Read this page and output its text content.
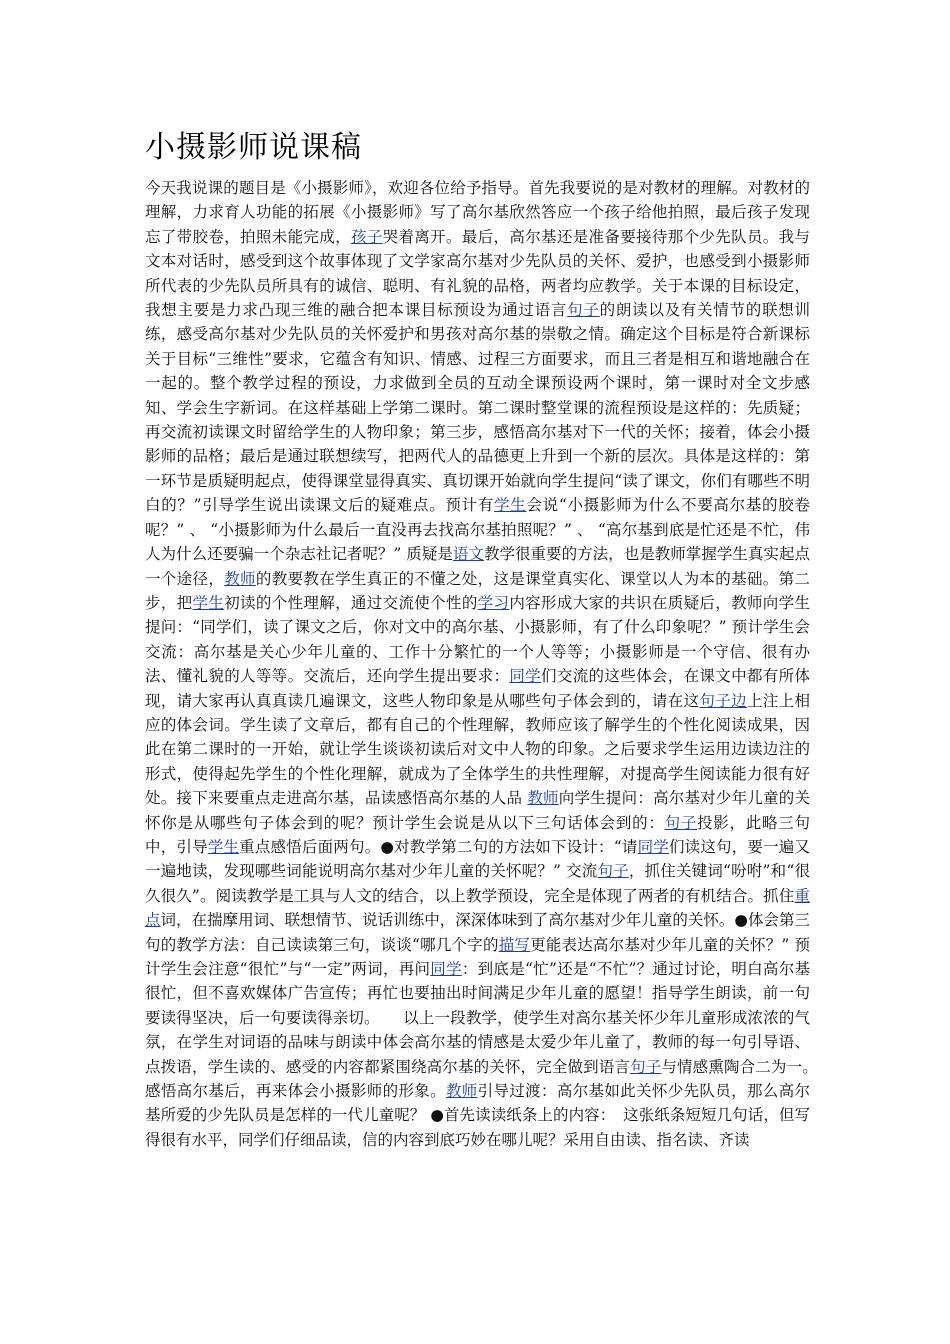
小摄影师说课稿

今天我说课的题目是《小摄影师》，欢迎各位给予指导。首先我要说的是对教材的理解。对教材的理解，力求育人功能的拓展《小摄影师》写了高尔基欣然答应一个孩子给他拍照，最后孩子发现忘了带胶卷，拍照未能完成，孩子哭着离开。最后，高尔基还是准备要接待那个少先队员。我与文本对话时，感受到这个故事体现了文学家高尔基对少先队员的关怀、爱护，也感受到小摄影师所代表的少先队员所具有的诚信、聪明、有礼貌的品格，两者均应教学。关于本课的目标设定，我想主要是力求凸现三维的融合把本课目标预设为通过语言句子的朗读以及有关情节的联想训练，感受高尔基对少先队员的关怀爱护和男孩对高尔基的崇敬之情。确定这个目标是符合新课标关于目标“三维性”要求，它蕴含有知识、情感、过程三方面要求，而且三者是相互和谐地融合在一起的。整个教学过程的预设，力求做到全员的互动全课预设两个课时，第一课时对全文步感知、学会生字新词。在这样基础上学第二课时。第二课时整堂课的流程预设是这样的：先质疑；再交流初读课文时留给学生的人物印象；第三步，感悟高尔基对下一代的关怀；接着，体会小摄影师的品格；最后是通过联想续写，把两代人的品德更上升到一个新的层次。具体是这样的：第一环节是质疑明起点，使得课堂显得真实、真切课开始就向学生提问“读了课文，你们有哪些不明白的？”引导学生说出读课文后的疑难点。预计有学生会说“小摄影师为什么不要高尔基的胶卷呢？” 、 “小摄影师为什么最后一直没再去找高尔基拍照呢？” 、 “高尔基到底是忙还是不忙，伟人为什么还要骗一个杂志社记者呢？” 质疑是语文教学很重要的方法，也是教师掌握学生真实起点一个途径，教师的教要教在学生真正的不懂之处，这是课堂真实化、课堂以人为本的基础。第二步，把学生初读的个性理解，通过交流使个性的学习内容形成大家的共识在质疑后，教师向学生提问：“同学们，读了课文之后，你对文中的高尔基、小摄影师，有了什么印象呢？” 预计学生会交流：高尔基是关心少年儿童的、工作十分繁忙的一个人等等；小摄影师是一个守信、很有办法、懂礼貌的人等等。交流后，还向学生提出要求：同学们交流的这些体会，在课文中都有所体现，请大家再认真真读几遍课文，这些人物印象是从哪些句子体会到的，请在这句子边上注上相应的体会词。学生读了文章后，都有自己的个性理解，教师应该了解学生的个性化阅读成果，因此在第二课时的一开始，就让学生谈谈初读后对文中人物的印象。之后要求学生运用边读边注的形式，使得起先学生的个性化理解，就成为了全体学生的共性理解，对提高学生阅读能力很有好处。接下来要重点走进高尔基，品读感悟高尔基的人品 教师向学生提问：高尔基对少年儿童的关怀你是从哪些句子体会到的呢？预计学生会说是从以下三句话体会到的：句子投影，此略三句中，引导学生重点感悟后面两句。●对教学第二句的方法如下设计：“请同学们读这句，要一遍又一遍地读，发现哪些词能说明高尔基对少年儿童的关怀呢？” 交流句子，抓住关键词“吩咐”和“很久很久”。阅读教学是工具与人文的结合，以上教学预设，完全是体现了两者的有机结合。抓住重点词，在揣摩用词、联想情节、说话训练中，深深体味到了高尔基对少年儿童的关怀。●体会第三句的教学方法：自己读读第三句，谈谈“哪几个字的描写更能表达高尔基对少年儿童的关怀？” 预计学生会注意“很忙”与“一定”两词，再问同学：到底是“忙”还是“不忙”？通过讨论，明白高尔基很忙，但不喜欢媒体广告宣传；再忙也要抽出时间满足少年儿童的愿望！指导学生朗读，前一句要读得坚决，后一句要读得亲切。　　以上一段教学，使学生对高尔基关怀少年儿童形成浓浓的气氛，在学生对词语的品味与朗读中体会高尔基的情感是太爱少年儿童了，教师的每一句引导语、点拨语，学生读的、感受的内容都紧围绕高尔基的关怀，完全做到语言句子与情感熏陶合二为一。　　感悟高尔基后，再来体会小摄影师的形象。教师引导过渡：高尔基如此关怀少先队员，那么高尔基所爱的少先队员是怎样的一代儿童呢？ ●首先读读纸条上的内容：　这张纸条短短几句话，但写得很有水平，同学们仔细品读，信的内容到底巧妙在哪儿呢？采用自由读、指名读、齐读
